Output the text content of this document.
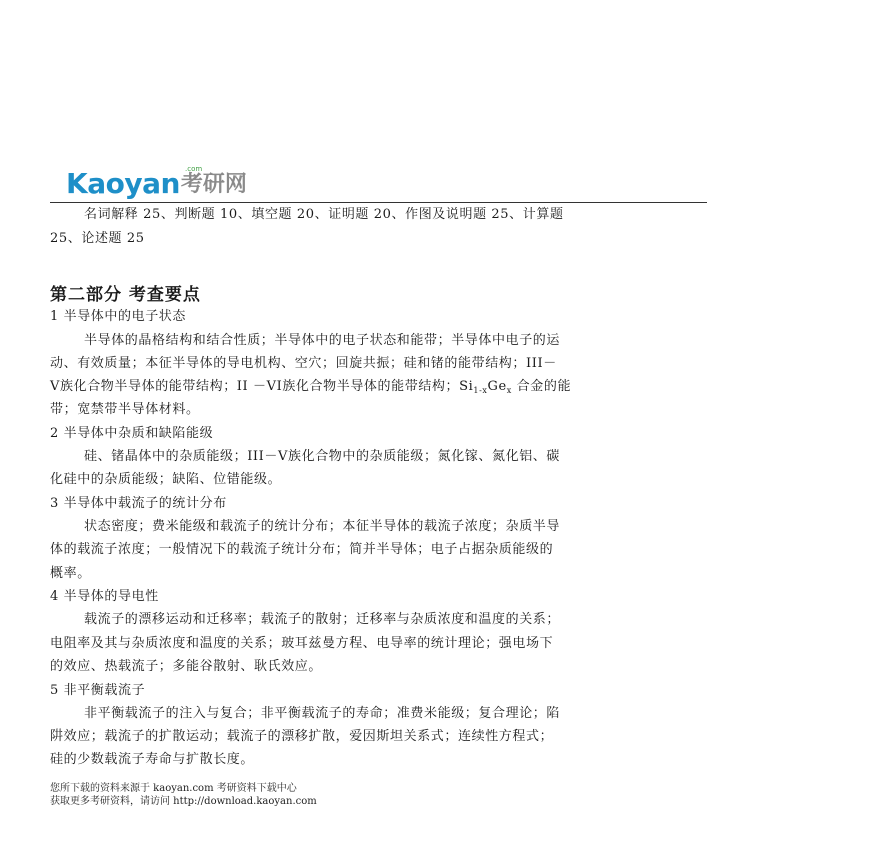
Kaoyan .com
考研网
名词解释 25、判断题 10、填空题 20、证明题 20、作图及说明题 25、计算题
25、论述题 25
第二部分 考查要点
1 半导体中的电子状态
半导体的晶格结构和结合性质；半导体中的电子状态和能带；半导体中电子的运
动、有效质量；本征半导体的导电机构、空穴；回旋共振；硅和锗的能带结构；III－
V族化合物半导体的能带结构；II －VI族化合物半导体的能带结构；$Si_{1-x}Ge_x$ 合金的能
带；宽禁带半导体材料。
2 半导体中杂质和缺陷能级
硅、锗晶体中的杂质能级；III－V族化合物中的杂质能级；氮化镓、氮化铝、碳
化硅中的杂质能级；缺陷、位错能级。
3 半导体中载流子的统计分布
状态密度；费米能级和载流子的统计分布；本征半导体的载流子浓度；杂质半导
体的载流子浓度；一般情况下的载流子统计分布；简并半导体；电子占据杂质能级的
概率。
4 半导体的导电性
载流子的漂移运动和迁移率；载流子的散射；迁移率与杂质浓度和温度的关系；
电阻率及其与杂质浓度和温度的关系；玻耳兹曼方程、电导率的统计理论；强电场下
的效应、热载流子；多能谷散射、耿氏效应。
5 非平衡载流子
非平衡载流子的注入与复合；非平衡载流子的寿命；准费米能级；复合理论；陷
阱效应；载流子的扩散运动；载流子的漂移扩散，爱因斯坦关系式；连续性方程式；
硅的少数载流子寿命与扩散长度。
您所下载的资料来源于 kaoyan.com 考研资料下载中心
获取更多考研资料，请访问 http://download.kaoyan.com
